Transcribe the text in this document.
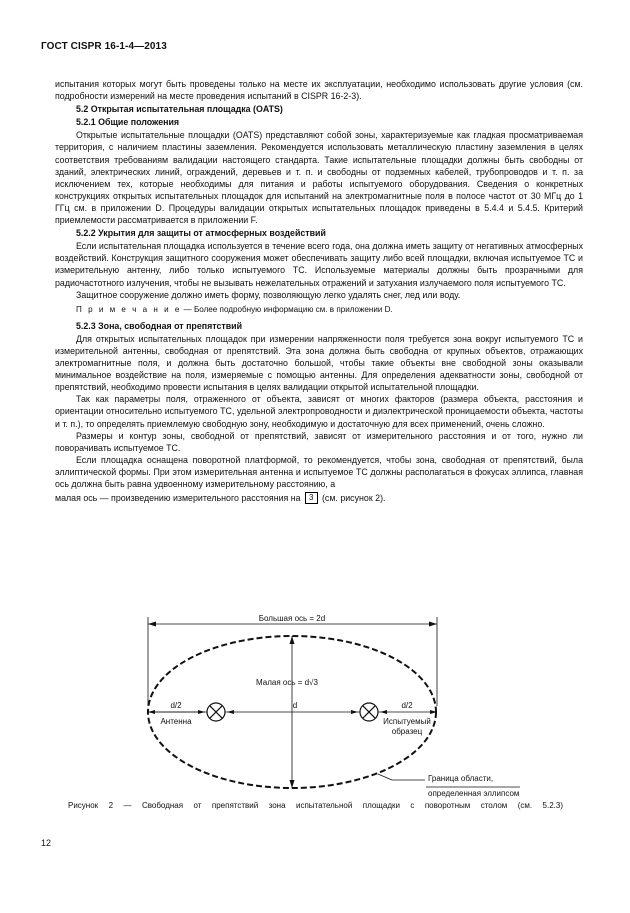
ГОСТ CISPR 16-1-4—2013

испытания которых могут быть проведены только на месте их эксплуатации, необходимо использовать другие условия (см. подробности измерений на месте проведения испытаний в CISPR 16-2-3).

5.2 Открытая испытательная площадка (OATS)

5.2.1 Общие положения

Открытые испытательные площадки (OATS) представляют собой зоны, характеризуемые как гладкая просматриваемая территория, с наличием пластины заземления. Рекомендуется использовать металлическую пластину заземления в целях соответствия требованиям валидации настоящего стандарта. Такие испытательные площадки должны быть свободны от зданий, электрических линий, ограждений, деревьев и т. п. и свободны от подземных кабелей, трубопроводов и т. п. за исключением тех, которые необходимы для питания и работы испытуемого оборудования. Сведения о конкретных конструкциях открытых испытательных площадок для испытаний на электромагнитные поля в полосе частот от 30 МГц до 1 ГГц см. в приложении D. Процедуры валидации открытых испытательных площадок приведены в 5.4.4 и 5.4.5. Критерий приемлемости рассматривается в приложении F.

5.2.2 Укрытия для защиты от атмосферных воздействий

Если испытательная площадка используется в течение всего года, она должна иметь защиту от негативных атмосферных воздействий. Конструкция защитного сооружения может обеспечивать защиту либо всей площадки, включая испытуемое ТС и измерительную антенну, либо только испытуемого ТС. Используемые материалы должны быть прозрачными для радиочастотного излучения, чтобы не вызывать нежелательных отражений и затухания излучаемого поля испытуемого ТС.

Защитное сооружение должно иметь форму, позволяющую легко удалять снег, лед или воду.

П р и м е ч а н и е — Более подробную информацию см. в приложении D.

5.2.3 Зона, свободная от препятствий

Для открытых испытательных площадок при измерении напряженности поля требуется зона вокруг испытуемого ТС и измерительной антенны, свободная от препятствий. Эта зона должна быть свободна от крупных объектов, отражающих электромагнитные поля, и должна быть достаточно большой, чтобы такие объекты вне свободной зоны оказывали минимальное воздействие на поля, измеряемые с помощью антенны. Для определения адекватности зоны, свободной от препятствий, необходимо провести испытания в целях валидации открытой испытательной площадки.

Так как параметры поля, отраженного от объекта, зависят от многих факторов (размера объекта, расстояния и ориентации относительно испытуемого ТС, удельной электропроводности и диэлектрической проницаемости объекта, частоты и т. п.), то определять приемлемую свободную зону, необходимую и достаточную для всех применений, очень сложно.

Размеры и контур зоны, свободной от препятствий, зависят от измерительного расстояния и от того, нужно ли поворачивать испытуемое ТС.

Если площадка оснащена поворотной платформой, то рекомендуется, чтобы зона, свободная от препятствий, была эллиптической формы. При этом измерительная антенна и испытуемое ТС должны располагаться в фокусах эллипса, главная ось должна быть равна удвоенному измерительному расстоянию, а

малая ось — произведению измерительного расстояния на 3 (см. рисунок 2).

Большая ось = 2d
Малая ось = d√3
d/2	d	d/2
Антенна	Испытуемый
образец
Граница области,
определенная эллипсом
Рисунок 2 — Свободная от препятствий зона испытательной площадки с поворотным столом (см. 5.2.3)
12
